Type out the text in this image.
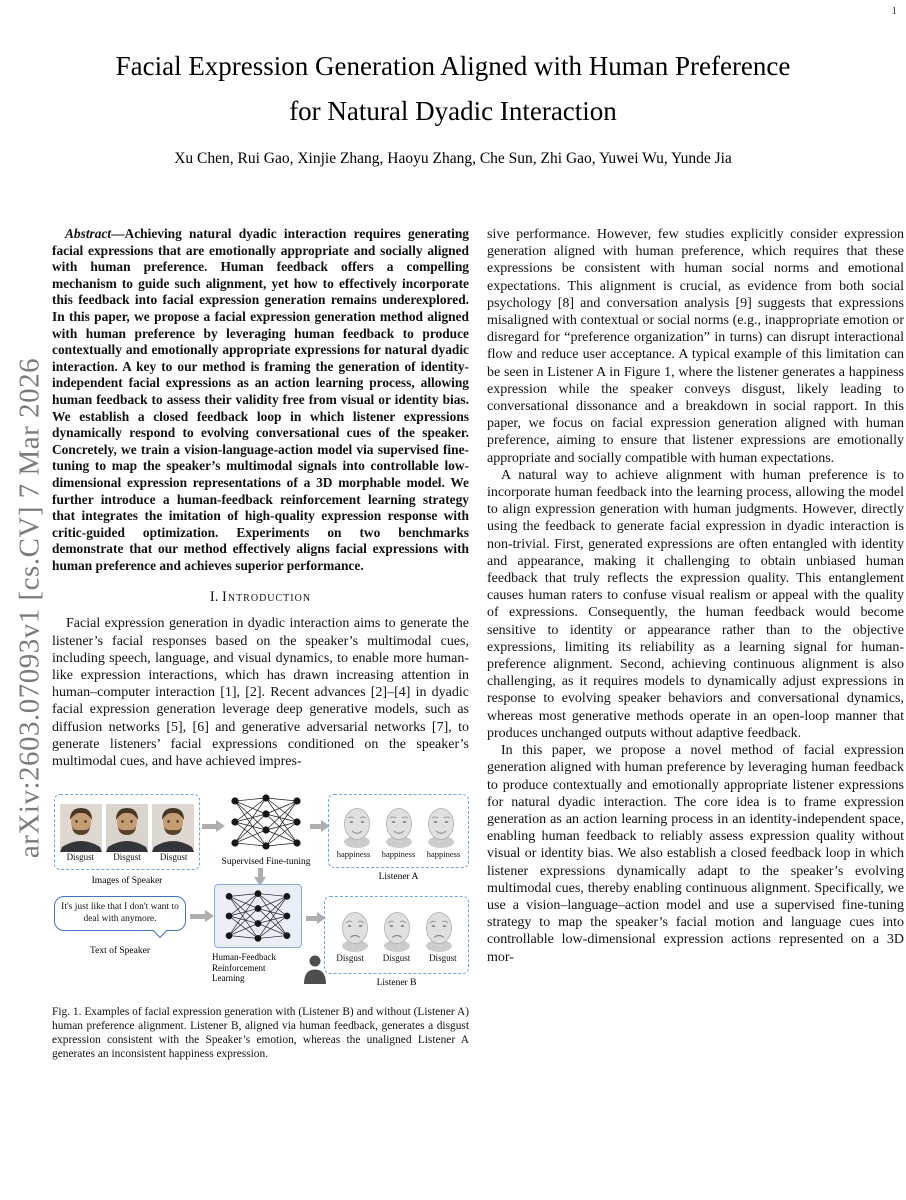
1
arXiv:2603.07093v1 [cs.CV] 7 Mar 2026
Facial Expression Generation Aligned with Human Preference
for Natural Dyadic Interaction
Xu Chen, Rui Gao, Xinjie Zhang, Haoyu Zhang, Che Sun, Zhi Gao, Yuwei Wu, Yunde Jia

Abstract—Achieving natural dyadic interaction requires generating facial expressions that are emotionally appropriate and socially aligned with human preference. Human feedback offers a compelling mechanism to guide such alignment, yet how to effectively incorporate this feedback into facial expression generation remains underexplored. In this paper, we propose a facial expression generation method aligned with human preference by leveraging human feedback to produce contextually and emotionally appropriate expressions for natural dyadic interaction. A key to our method is framing the generation of identity-independent facial expressions as an action learning process, allowing human feedback to assess their validity free from visual or identity bias. We establish a closed feedback loop in which listener expressions dynamically respond to evolving conversational cues of the speaker. Concretely, we train a vision-language-action model via supervised fine-tuning to map the speaker’s multimodal signals into controllable low-dimensional expression representations of a 3D morphable model. We further introduce a human-feedback reinforcement learning strategy that integrates the imitation of high-quality expression response with critic-guided optimization. Experiments on two benchmarks demonstrate that our method effectively aligns facial expressions with human preference and achieves superior performance.

I. Introduction

Facial expression generation in dyadic interaction aims to generate the listener’s facial responses based on the speaker’s multimodal cues, including speech, language, and visual dynamics, to enable more human-like expression interactions, which has drawn increasing attention in human–computer interaction [1], [2]. Recent advances [2]–[4] in dyadic facial expression generation leverage deep generative models, such as diffusion networks [5], [6] and generative adversarial networks [7], to generate listeners’ facial expressions conditioned on the speaker’s multimodal cues, and have achieved impres-

Disgust Disgust Disgust
Images of Speaker
Supervised Fine-tuning
happiness happiness happiness
Listener A
It's just like that I don't want to deal with anymore.
Text of Speaker
Human-Feedback Reinforcement Learning
Disgust Disgust Disgust
Listener B

Fig. 1. Examples of facial expression generation with (Listener B) and without (Listener A) human preference alignment. Listener B, aligned via human feedback, generates a disgust expression consistent with the Speaker’s emotion, whereas the unaligned Listener A generates an inconsistent happiness expression.

sive performance. However, few studies explicitly consider expression generation aligned with human preference, which requires that these expressions be consistent with human social norms and emotional expectations. This alignment is crucial, as evidence from both social psychology [8] and conversation analysis [9] suggests that expressions misaligned with contextual or social norms (e.g., inappropriate emotion or disregard for “preference organization” in turns) can disrupt interactional flow and reduce user acceptance. A typical example of this limitation can be seen in Listener A in Figure 1, where the listener generates a happiness expression while the speaker conveys disgust, likely leading to conversational dissonance and a breakdown in social rapport. In this paper, we focus on facial expression generation aligned with human preference, aiming to ensure that listener expressions are emotionally appropriate and socially compatible with human expectations.

A natural way to achieve alignment with human preference is to incorporate human feedback into the learning process, allowing the model to align expression generation with human judgments. However, directly using the feedback to generate facial expression in dyadic interaction is non-trivial. First, generated expressions are often entangled with identity and appearance, making it challenging to obtain unbiased human feedback that truly reflects the expression quality. This entanglement causes human raters to confuse visual realism or appeal with the quality of expressions. Consequently, the human feedback would become sensitive to identity or appearance rather than to the objective expressions, limiting its reliability as a learning signal for human-preference alignment. Second, achieving continuous alignment is also challenging, as it requires models to dynamically adjust expressions in response to evolving speaker behaviors and conversational dynamics, whereas most generative methods operate in an open-loop manner that produces unchanged outputs without adaptive feedback.

In this paper, we propose a novel method of facial expression generation aligned with human preference by leveraging human feedback to produce contextually and emotionally appropriate listener expressions for natural dyadic interaction. The core idea is to frame expression generation as an action learning process in an identity-independent space, enabling human feedback to reliably assess expression quality without visual or identity bias. We also establish a closed feedback loop in which listener expressions dynamically adapt to the speaker’s evolving multimodal cues, thereby enabling continuous alignment. Specifically, we use a vision–language–action model and use a supervised fine-tuning strategy to map the speaker’s facial motion and language cues into controllable low-dimensional expression actions represented on a 3D mor-
